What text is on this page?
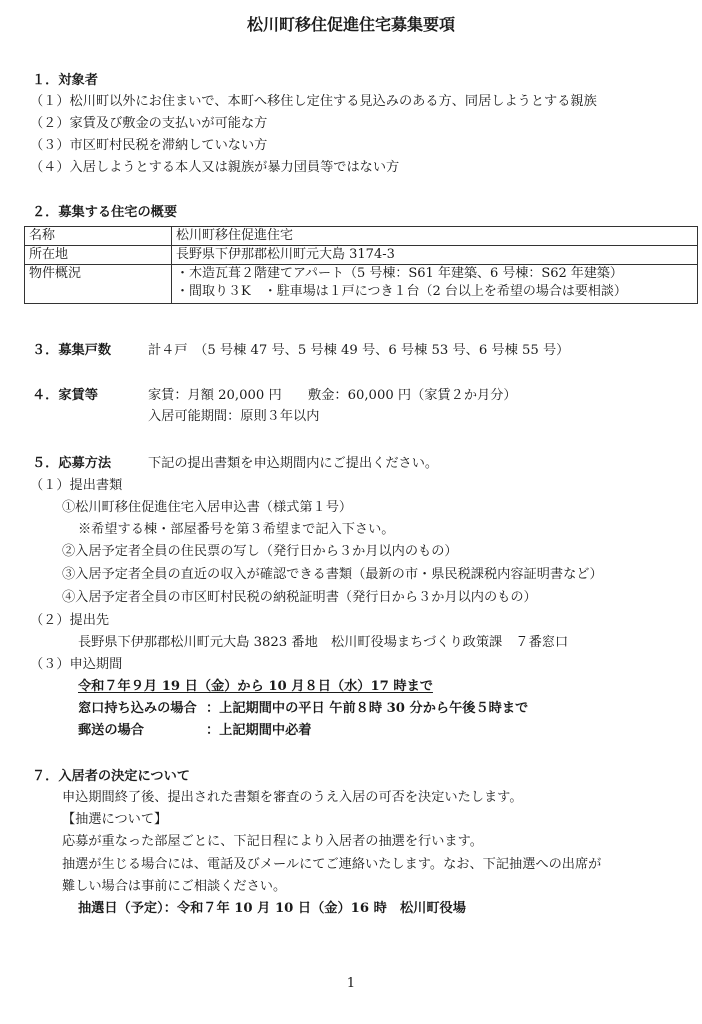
松川町移住促進住宅募集要項
１．対象者
（１）松川町以外にお住まいで、本町へ移住し定住する見込みのある方、同居しようとする親族
（２）家賃及び敷金の支払いが可能な方
（３）市区町村民税を滞納していない方
（４）入居しようとする本人又は親族が暴力団員等ではない方
２．募集する住宅の概要
名称	松川町移住促進住宅
所在地	長野県下伊那郡松川町元大島 3174-3
物件概況	・木造瓦葺２階建てアパート（5 号棟：S61 年建築、6 号棟：S62 年建築）
・間取り３K　・駐車場は１戸につき１台（2 台以上を希望の場合は要相談）
３．募集戸数	計４戸　（5 号棟 47 号、5 号棟 49 号、6 号棟 53 号、6 号棟 55 号）
４．家賃等	家賃：月額 20,000 円　　敷金：60,000 円（家賃２か月分）
入居可能期間：原則３年以内
５．応募方法	下記の提出書類を申込期間内にご提出ください。
（１）提出書類
①松川町移住促進住宅入居申込書（様式第１号）
※希望する棟・部屋番号を第３希望まで記入下さい。
②入居予定者全員の住民票の写し（発行日から３か月以内のもの）
③入居予定者全員の直近の収入が確認できる書類（最新の市・県民税課税内容証明書など）
④入居予定者全員の市区町村民税の納税証明書（発行日から３か月以内のもの）
（２）提出先
長野県下伊那郡松川町元大島 3823 番地　松川町役場まちづくり政策課　７番窓口
（３）申込期間
令和７年９月 19 日（金）から 10 月８日（水）17 時まで
窓口持ち込みの場合 ：上記期間中の平日 午前８時 30 分から午後５時まで
郵送の場合	：上記期間中必着
７．入居者の決定について
申込期間終了後、提出された書類を審査のうえ入居の可否を決定いたします。
【抽選について】
応募が重なった部屋ごとに、下記日程により入居者の抽選を行います。
抽選が生じる場合には、電話及びメールにてご連絡いたします。なお、下記抽選への出席が
難しい場合は事前にご相談ください。
抽選日（予定）：令和７年 10 月 10 日（金）16 時　松川町役場
1
